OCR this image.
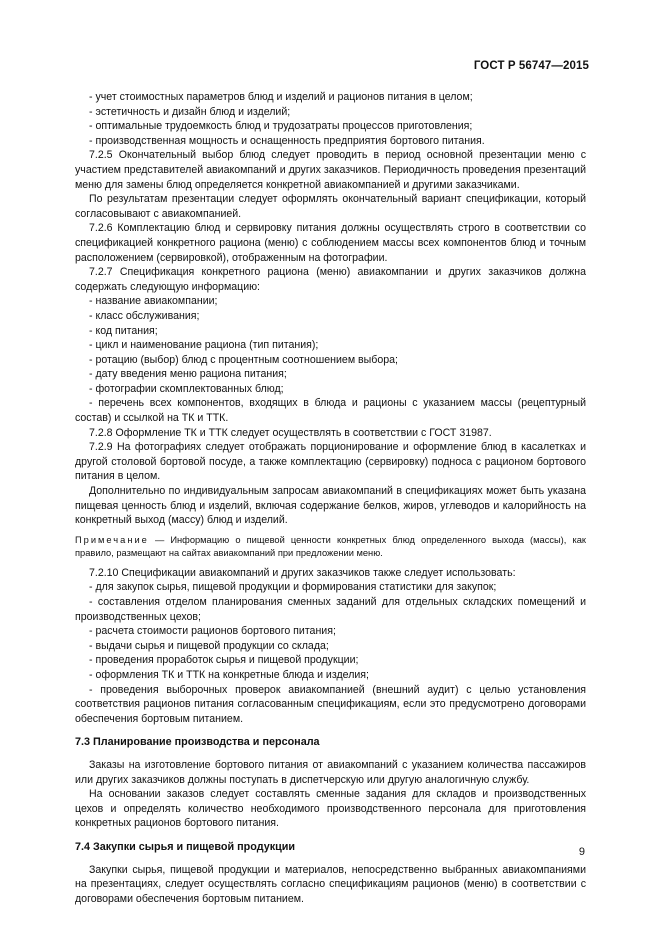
ГОСТ Р 56747—2015

- учет стоимостных параметров блюд и изделий и рационов питания в целом;

- эстетичность и дизайн блюд и изделий;

- оптимальные трудоемкость блюд и трудозатраты процессов приготовления;

- производственная мощность и оснащенность предприятия бортового питания.

7.2.5 Окончательный выбор блюд следует проводить в период основной презентации меню с участием представителей авиакомпаний и других заказчиков. Периодичность проведения презентаций меню для замены блюд определяется конкретной авиакомпанией и другими заказчиками.

По результатам презентации следует оформлять окончательный вариант спецификации, который согласовывают с авиакомпанией.

7.2.6 Комплектацию блюд и сервировку питания должны осуществлять строго в соответствии со спецификацией конкретного рациона (меню) с соблюдением массы всех компонентов блюд и точным расположением (сервировкой), отображенным на фотографии.

7.2.7 Спецификация конкретного рациона (меню) авиакомпании и других заказчиков должна содержать следующую информацию:

- название авиакомпании;

- класс обслуживания;

- код питания;

- цикл и наименование рациона (тип питания);

- ротацию (выбор) блюд с процентным соотношением выбора;

- дату введения меню рациона питания;

- фотографии скомплектованных блюд;

- перечень всех компонентов, входящих в блюда и рационы с указанием массы (рецептурный состав) и ссылкой на ТК и ТТК.

7.2.8 Оформление ТК и ТТК следует осуществлять в соответствии с ГОСТ 31987.

7.2.9 На фотографиях следует отображать порционирование и оформление блюд в касалетках и другой столовой бортовой посуде, а также комплектацию (сервировку) подноса с рационом бортового питания в целом.

Дополнительно по индивидуальным запросам авиакомпаний в спецификациях может быть указана пищевая ценность блюд и изделий, включая содержание белков, жиров, углеводов и калорийность на конкретный выход (массу) блюд и изделий.

Примечание — Информацию о пищевой ценности конкретных блюд определенного выхода (массы), как правило, размещают на сайтах авиакомпаний при предложении меню.

7.2.10 Спецификации авиакомпаний и других заказчиков также следует использовать:

- для закупок сырья, пищевой продукции и формирования статистики для закупок;

- составления отделом планирования сменных заданий для отдельных складских помещений и производственных цехов;

- расчета стоимости рационов бортового питания;

- выдачи сырья и пищевой продукции со склада;

- проведения проработок сырья и пищевой продукции;

- оформления ТК и ТТК на конкретные блюда и изделия;

- проведения выборочных проверок авиакомпанией (внешний аудит) с целью установления соответствия рационов питания согласованным спецификациям, если это предусмотрено договорами обеспечения бортовым питанием.

7.3 Планирование производства и персонала

Заказы на изготовление бортового питания от авиакомпаний с указанием количества пассажиров или других заказчиков должны поступать в диспетчерскую или другую аналогичную службу.

На основании заказов следует составлять сменные задания для складов и производственных цехов и определять количество необходимого производственного персонала для приготовления конкретных рационов бортового питания.

7.4 Закупки сырья и пищевой продукции

Закупки сырья, пищевой продукции и материалов, непосредственно выбранных авиакомпаниями на презентациях, следует осуществлять согласно спецификациям рационов (меню) в соответствии с договорами обеспечения бортовым питанием.

9
